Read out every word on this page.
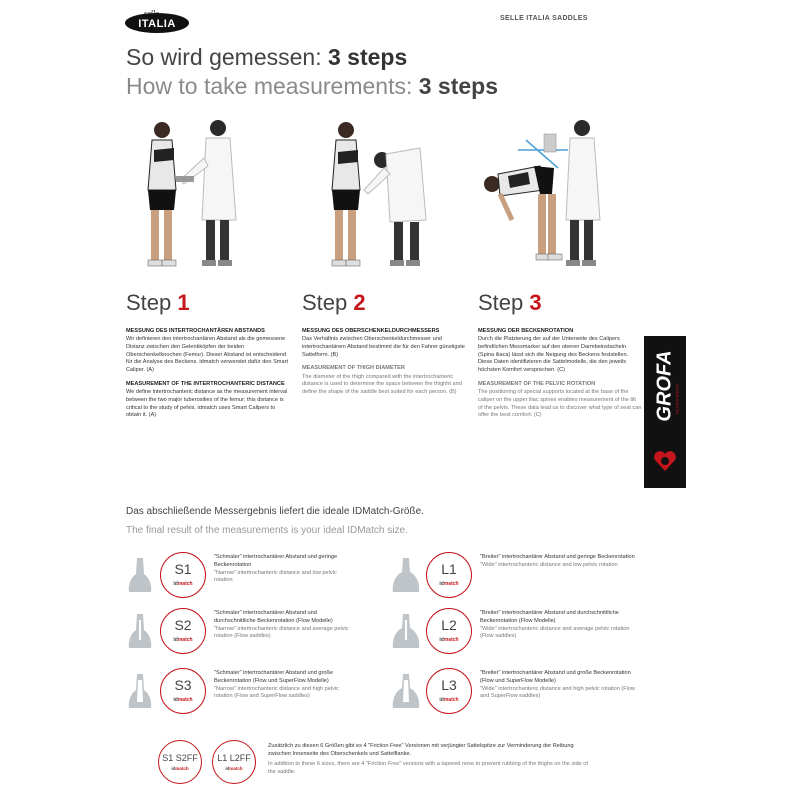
selle
ITALIA	SELLE ITALIA SADDLES
So wird gemessen: 3 steps
How to take measurements: 3 steps
Step 1
MESSUNG DES INTERTROCHANTÄREN ABSTANDS
Wir definieren den intertrochantären Abstand als die gemessene Distanz zwischen den Gelenkköpfen der beiden Oberschenkelknochen (Femur). Dieser Abstand ist entscheidend für die Analyse des Beckens. idmatch verwendet dafür den Smart Caliper. (A)
MEASUREMENT OF THE INTERTROCHANTERIC DISTANCE
We define intertrochanteric distance as the measurement interval between the two major tuberosities of the femur; this distance is critical to the study of pelvis. idmatch uses Smart Calipers to obtain it. (A)
Step 2
MESSUNG DES OBERSCHENKELDURCHMESSERS
Das Verhältnis zwischen Oberschenkeldurchmesser und intertrochantärem Abstand bestimmt die für den Fahrer günstigste Sattelform. (B)
MEASUREMENT OF THIGH DIAMETER
The diameter of the thigh compared with the intertrochanteric distance is used to determine the space between the thighht and define the shape of the saddle best suited for each person. (B)
Step 3
MESSUNG DER BECKENROTATION
Durch die Platzierung der auf der Unterseite des Calipers befindlichen Messmarker auf den oberen Darmbeinstacheln (Spina iliaca) lässt sich die Neigung des Beckens feststellen. Diese Daten identifizieren die Sattelmodelle, die den jeweils höchsten Komfort versprechen. (C)
MEASUREMENT OF THE PELVIC ROTATION
The positioning of special supports located at the base of the caliper on the upper iliac spines enables measurement of the tilt of the pelvis. These data lead us to discover what type of seat can offer the best comfort. (C)	GROFA BETTER BIKING
Das abschließende Messergebnis liefert die ideale IDMatch-Größe.
The final result of the measurements is your ideal IDMatch size.
S1
idmatch
"Schmaler" intertrochantärer Abstand und geringe Beckenrotation
"Narrow" intertrochanteric distance and low pelvic rotation
L1
idmatch
"Breiter" intertrochantärer Abstand und geringe Beckenrotation
"Wide" intertrochanteric distance and low pelvic rotation
S2
idmatch
"Schmaler" intertrochantärer Abstand und durchschnittliche Beckenrotation (Flow Modelle)
"Narrow" intertrochanteric distance and average pelvic rotation (Flow saddles)
L2
idmatch
"Breiter" intertrochantärer Abstand und durchschnittliche Beckenrotation (Flow Modelle)
"Wide" intertrochanteric distance and average pelvic rotation (Flow saddles)
S3
idmatch
"Schmaler" intertrochantärer Abstand und große Beckenrotation (Flow und SuperFlow Modelle)
"Narrow" intertrochanteric distance and high pelvic rotation (Flow and SuperFlow saddles)
L3
idmatch
"Breiter" intertrochantärer Abstand und große Beckenrotation (Flow und SuperFlow Modelle)
"Wide" intertrochanteric distance and high pelvic rotation (Flow and SuperFlow saddles)
S1 S2FF
idmatch
L1 L2FF
idmatch
Zusätzlich zu diesen 6 Größen gibt es 4 "Friction Free" Versionen mit verjüngter Sattelspitze zur Verminderung der Reibung zwischen Innenseite des Oberschenkels und Sattelflanke.
In addition to these 6 sizes, there are 4 "Friction Free" versions with a tapered nose to prevent rubbing of the thighs on the side of the saddle.
